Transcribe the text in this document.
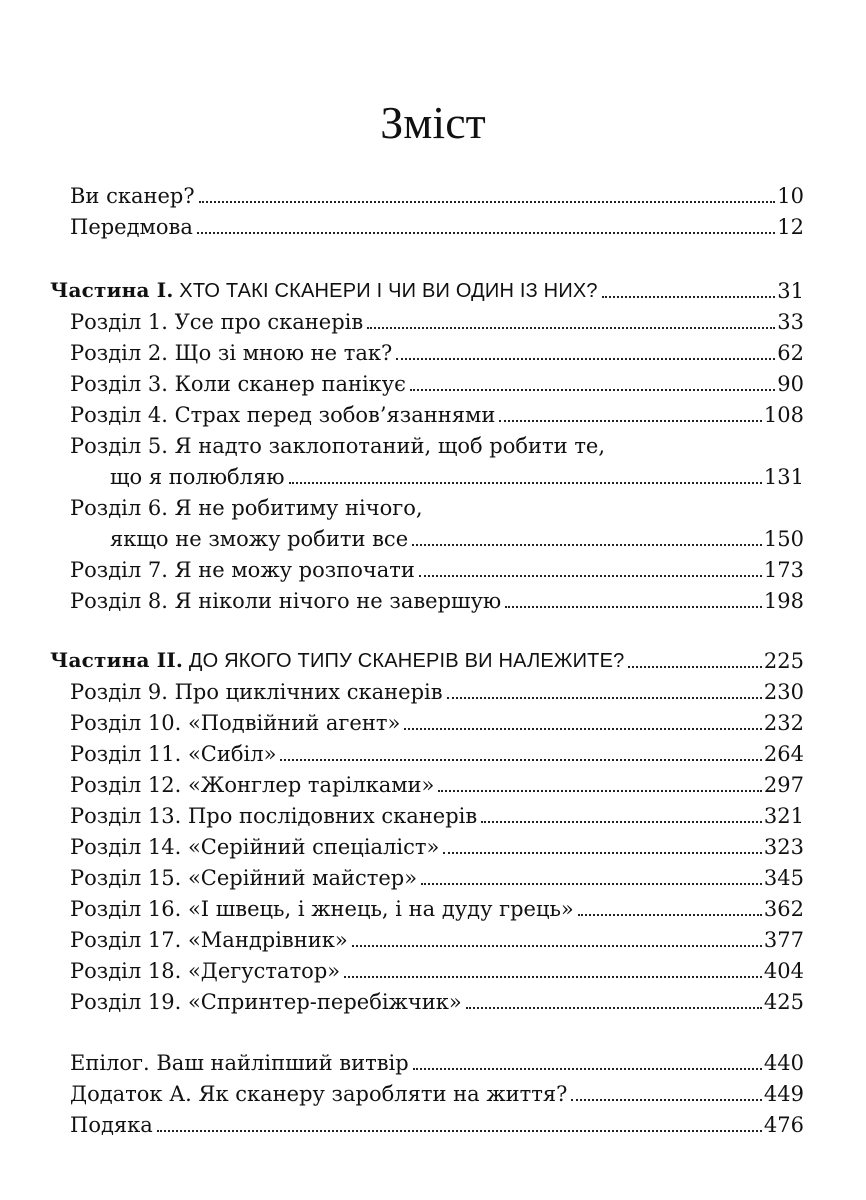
Зміст
Ви сканер?	10
Передмова	12
Частина I. ХТО ТАКІ СКАНЕРИ І ЧИ ВИ ОДИН ІЗ НИХ?	31
Розділ 1. Усе про сканерів	33
Розділ 2. Що зі мною не так?	62
Розділ 3. Коли сканер панікує	90
Розділ 4. Страх перед зобов’язаннями	108
Розділ 5. Я надто заклопотаний, щоб робити те,
що я полюбляю	131
Розділ 6. Я не робитиму нічого,
якщо не зможу робити все	150
Розділ 7. Я не можу розпочати	173
Розділ 8. Я ніколи нічого не завершую	198
Частина II. ДО ЯКОГО ТИПУ СКАНЕРІВ ВИ НАЛЕЖИТЕ?	225
Розділ 9. Про циклічних сканерів	230
Розділ 10. «Подвійний агент»	232
Розділ 11. «Сибіл»	264
Розділ 12. «Жонглер тарілками»	297
Розділ 13. Про послідовних сканерів	321
Розділ 14. «Серійний спеціаліст»	323
Розділ 15. «Серійний майстер»	345
Розділ 16. «І швець, і жнець, і на дуду грець»	362
Розділ 17. «Мандрівник»	377
Розділ 18. «Дегустатор»	404
Розділ 19. «Спринтер-перебіжчик»	425
Епілог. Ваш найліпший витвір	440
Додаток А. Як сканеру заробляти на життя?	449
Подяка	476
